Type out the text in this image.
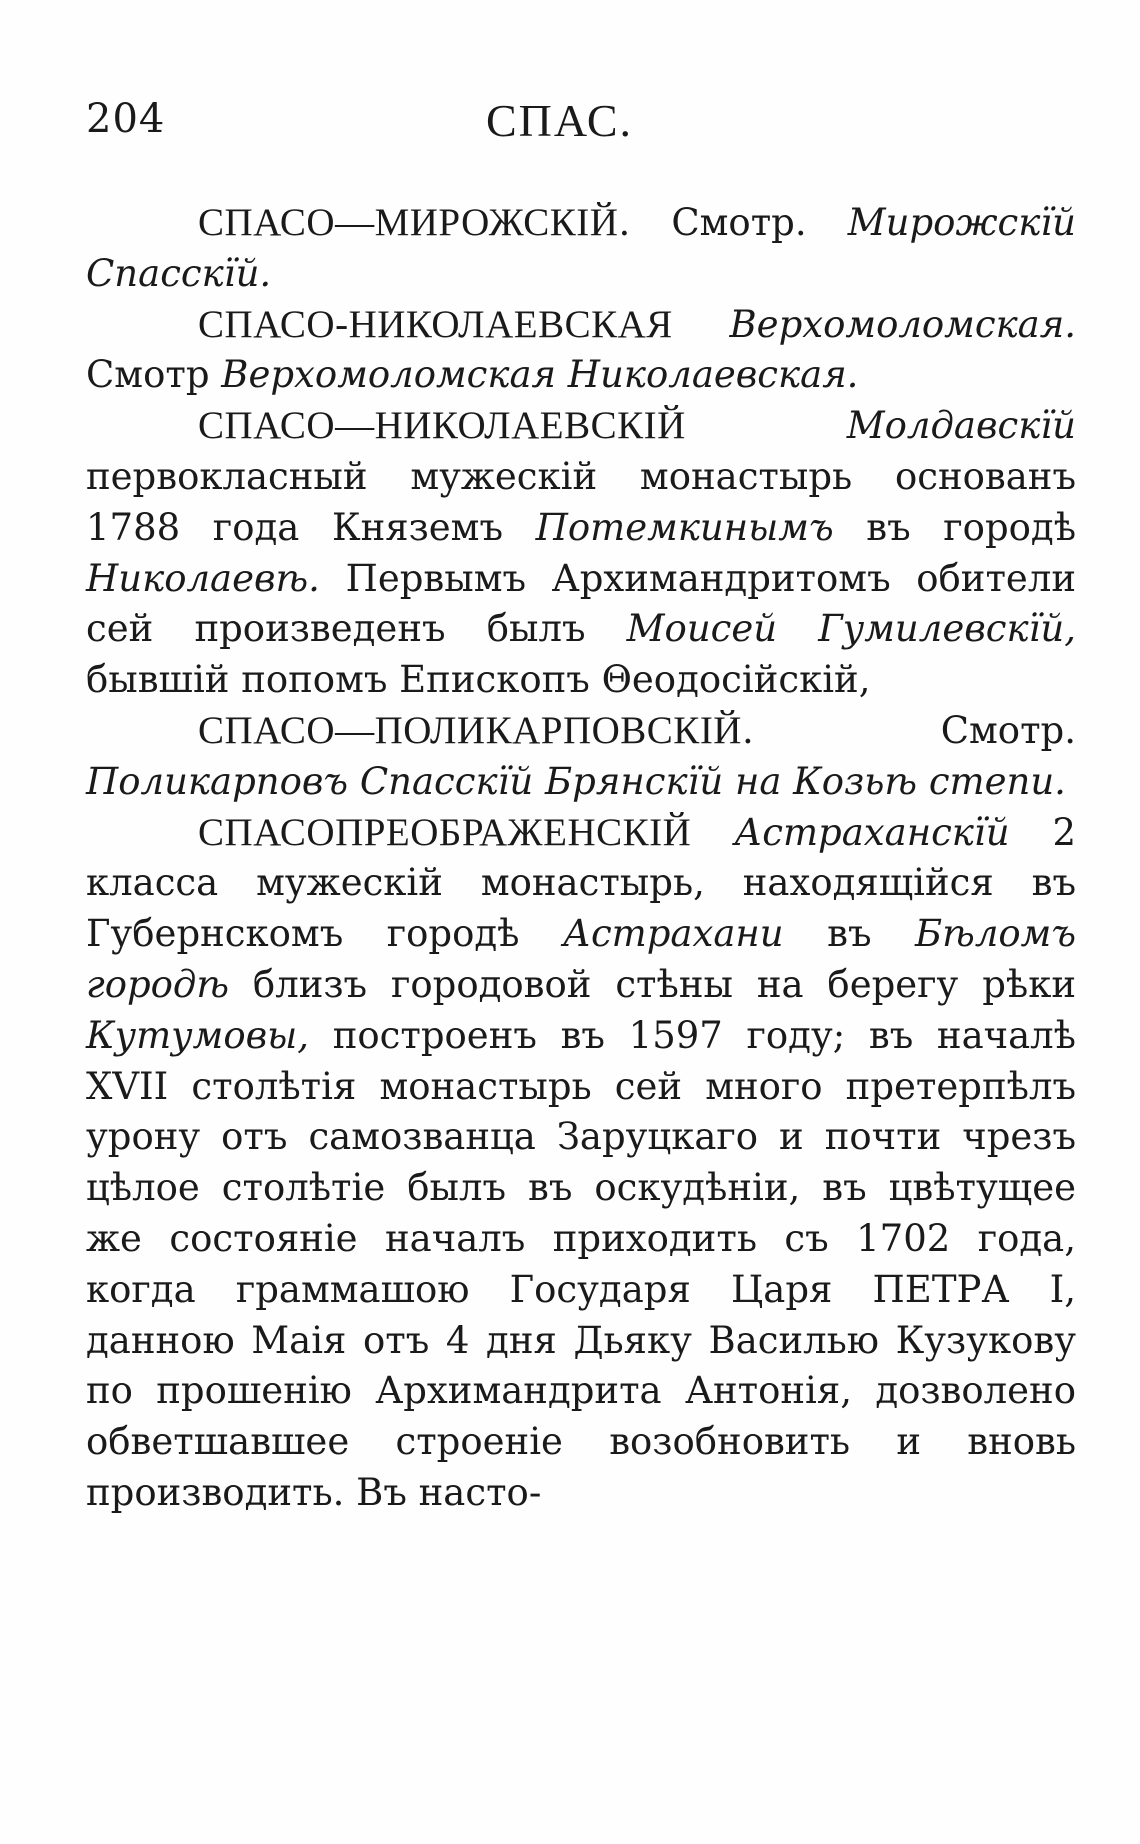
204	СПАС.

СПАСО—МИРОЖСКІЙ. Смотр. Мирожскїй Спасскїй.

СПАСО-НИКОЛАЕВСКАЯ Верхомоломская. Смотр Верхомоломская Николаевская.

СПАСО—НИКОЛАЕВСКІЙ	Молдавскїй первокласный мужескій монастырь основанъ 1788 года Княземъ Потемкинымъ въ городѣ Николаевѣ. Первымъ Архимандритомъ обители сей произведенъ былъ Моисей Гумилевскїй, бывшій попомъ Епископъ Θеодосійскій,

СПАСО—ПОЛИКАРПОВСКІЙ. Смотр. Поликарповъ Спасскїй Брянскїй на Козьѣ степи.

СПАСОПРЕОБРАЖЕНСКІЙ Астраханскїй 2 класса мужескій монастырь, находящійся въ Губернскомъ городѣ Астрахани въ Бѣломъ городѣ близъ городовой стѣны на берегу рѣки Кутумовы, построенъ въ 1597 году; въ началѣ XVII столѣтія монастырь сей много претерпѣлъ урону отъ самозванца Заруцкаго и почти чрезъ цѣлое столѣтіе былъ въ оскудѣніи, въ цвѣтущее же состояніе началъ приходить съ 1702 года, когда граммашою Государя Царя ПЕТРА I, данною Маія отъ 4 дня Дьяку Василью Кузукову по прошенію Архимандрита Антонія, дозволено обветшавшее строеніе возобновить и вновь производить. Въ насто-
